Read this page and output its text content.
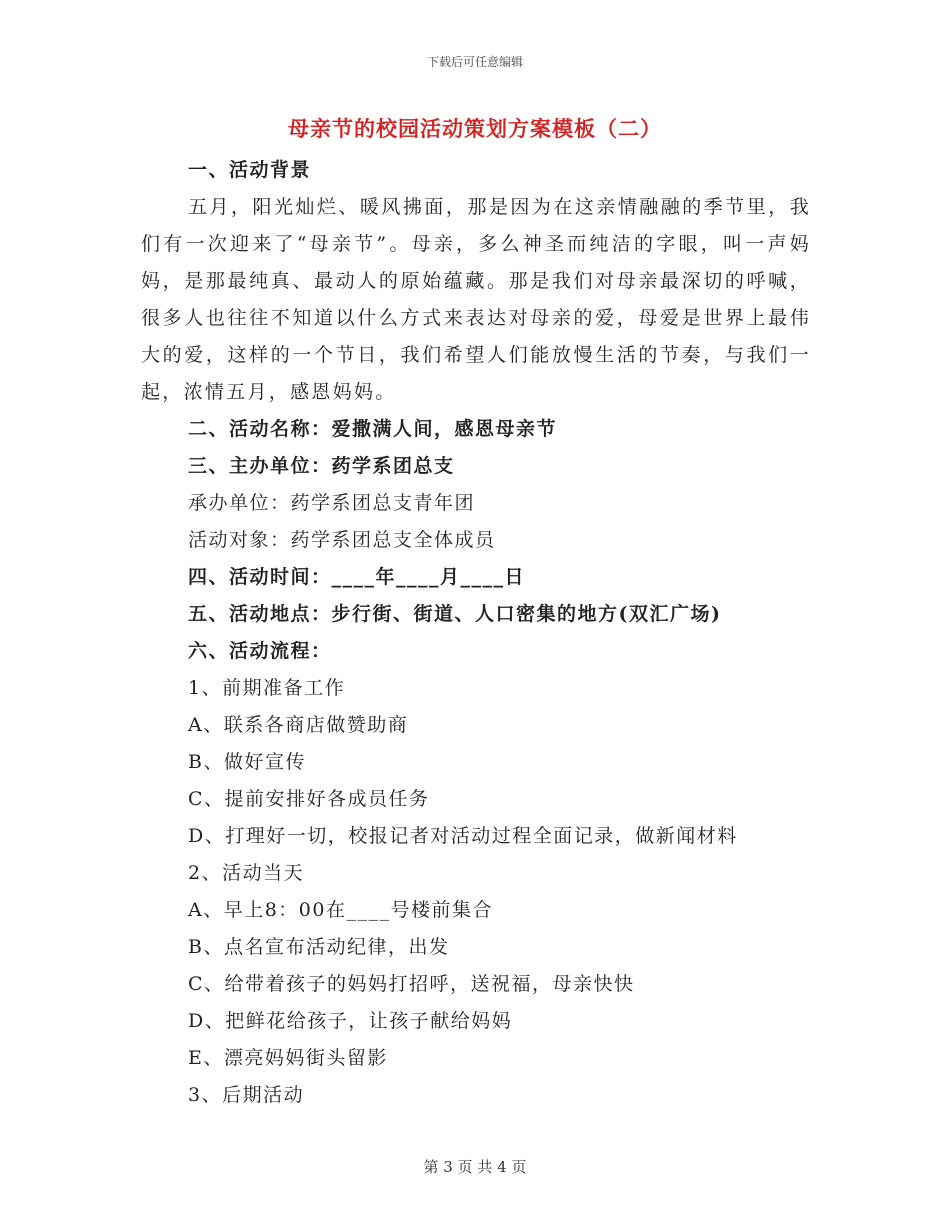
下载后可任意编辑
母亲节的校园活动策划方案模板（二）
一、活动背景

五月，阳光灿烂、暖风拂面，那是因为在这亲情融融的季节里，我们有一次迎来了“母亲节”。母亲，多么神圣而纯洁的字眼，叫一声妈妈，是那最纯真、最动人的原始蕴藏。那是我们对母亲最深切的呼喊，很多人也往往不知道以什么方式来表达对母亲的爱，母爱是世界上最伟大的爱，这样的一个节日，我们希望人们能放慢生活的节奏，与我们一起，浓情五月，感恩妈妈。

二、活动名称：爱撒满人间，感恩母亲节
三、主办单位：药学系团总支
承办单位：药学系团总支青年团
活动对象：药学系团总支全体成员
四、活动时间：____年____月____日
五、活动地点：步行街、街道、人口密集的地方(双汇广场)
六、活动流程：
1、前期准备工作
A、联系各商店做赞助商
B、做好宣传
C、提前安排好各成员任务
D、打理好一切，校报记者对活动过程全面记录，做新闻材料
2、活动当天
A、早上8：00在____号楼前集合
B、点名宣布活动纪律，出发
C、给带着孩子的妈妈打招呼，送祝福，母亲快快
D、把鲜花给孩子，让孩子献给妈妈
E、漂亮妈妈街头留影
3、后期活动
第 3 页 共 4 页
